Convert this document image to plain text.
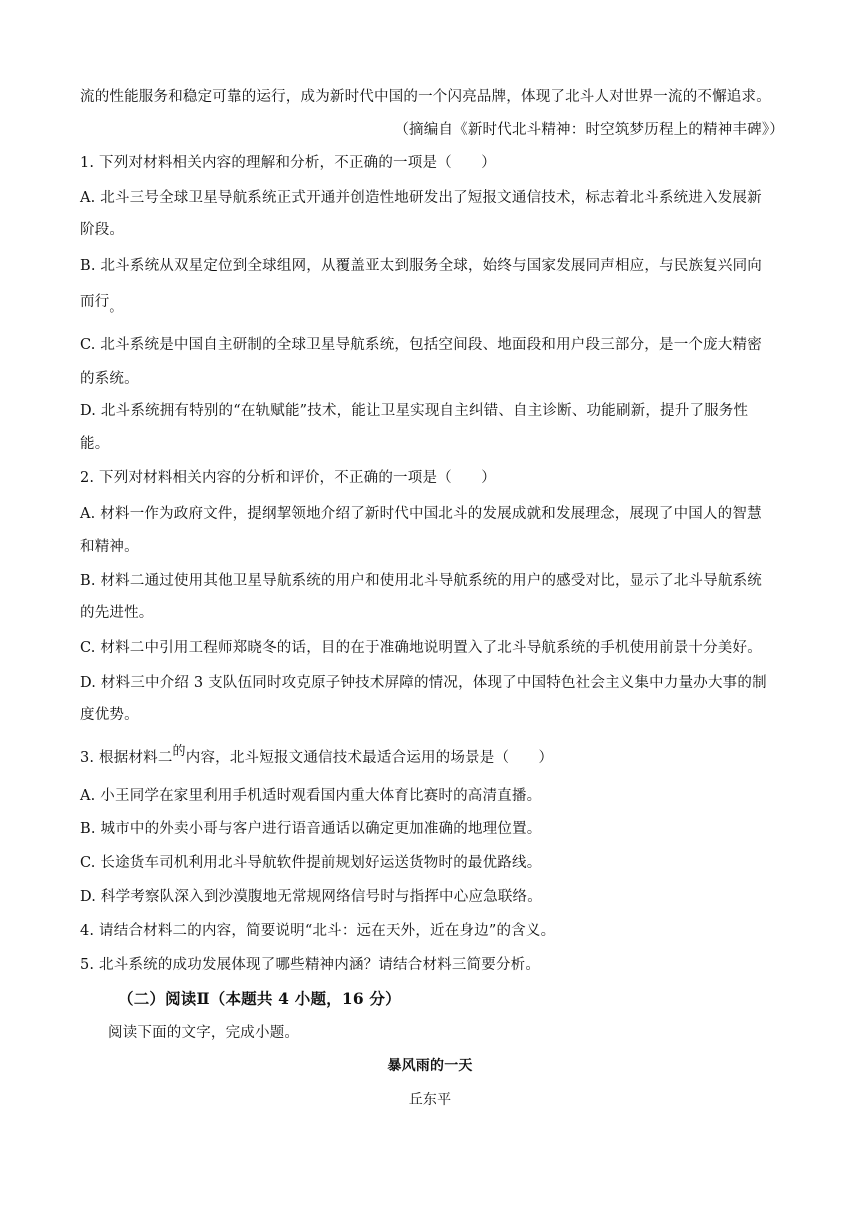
流的性能服务和稳定可靠的运行，成为新时代中国的一个闪亮品牌，体现了北斗人对世界一流的不懈追求。
（摘编自《新时代北斗精神：时空筑梦历程上的精神丰碑》）
1. 下列对材料相关内容的理解和分析，不正确的一项是（　　）
A. 北斗三号全球卫星导航系统正式开通并创造性地研发出了短报文通信技术，标志着北斗系统进入发展新
阶段。
B. 北斗系统从双星定位到全球组网，从覆盖亚太到服务全球，始终与国家发展同声相应，与民族复兴同向
而行。
C. 北斗系统是中国自主研制的全球卫星导航系统，包括空间段、地面段和用户段三部分，是一个庞大精密
的系统。
D. 北斗系统拥有特别的“在轨赋能”技术，能让卫星实现自主纠错、自主诊断、功能刷新，提升了服务性
能。
2. 下列对材料相关内容的分析和评价，不正确的一项是（　　）
A. 材料一作为政府文件，提纲挈领地介绍了新时代中国北斗的发展成就和发展理念，展现了中国人的智慧
和精神。
B. 材料二通过使用其他卫星导航系统的用户和使用北斗导航系统的用户的感受对比，显示了北斗导航系统
的先进性。
C. 材料二中引用工程师郑晓冬的话，目的在于准确地说明置入了北斗导航系统的手机使用前景十分美好。
D. 材料三中介绍 3 支队伍同时攻克原子钟技术屏障的情况，体现了中国特色社会主义集中力量办大事的制
度优势。
3. 根据材料二的内容，北斗短报文通信技术最适合运用的场景是（　　）
A. 小王同学在家里利用手机适时观看国内重大体育比赛时的高清直播。
B. 城市中的外卖小哥与客户进行语音通话以确定更加准确的地理位置。
C. 长途货车司机利用北斗导航软件提前规划好运送货物时的最优路线。
D. 科学考察队深入到沙漠腹地无常规网络信号时与指挥中心应急联络。
4. 请结合材料二的内容，简要说明“北斗：远在天外，近在身边”的含义。
5. 北斗系统的成功发展体现了哪些精神内涵？请结合材料三简要分析。
（二）阅读Ⅱ（本题共 4 小题，16 分）
阅读下面的文字，完成小题。
暴风雨的一天
丘东平
